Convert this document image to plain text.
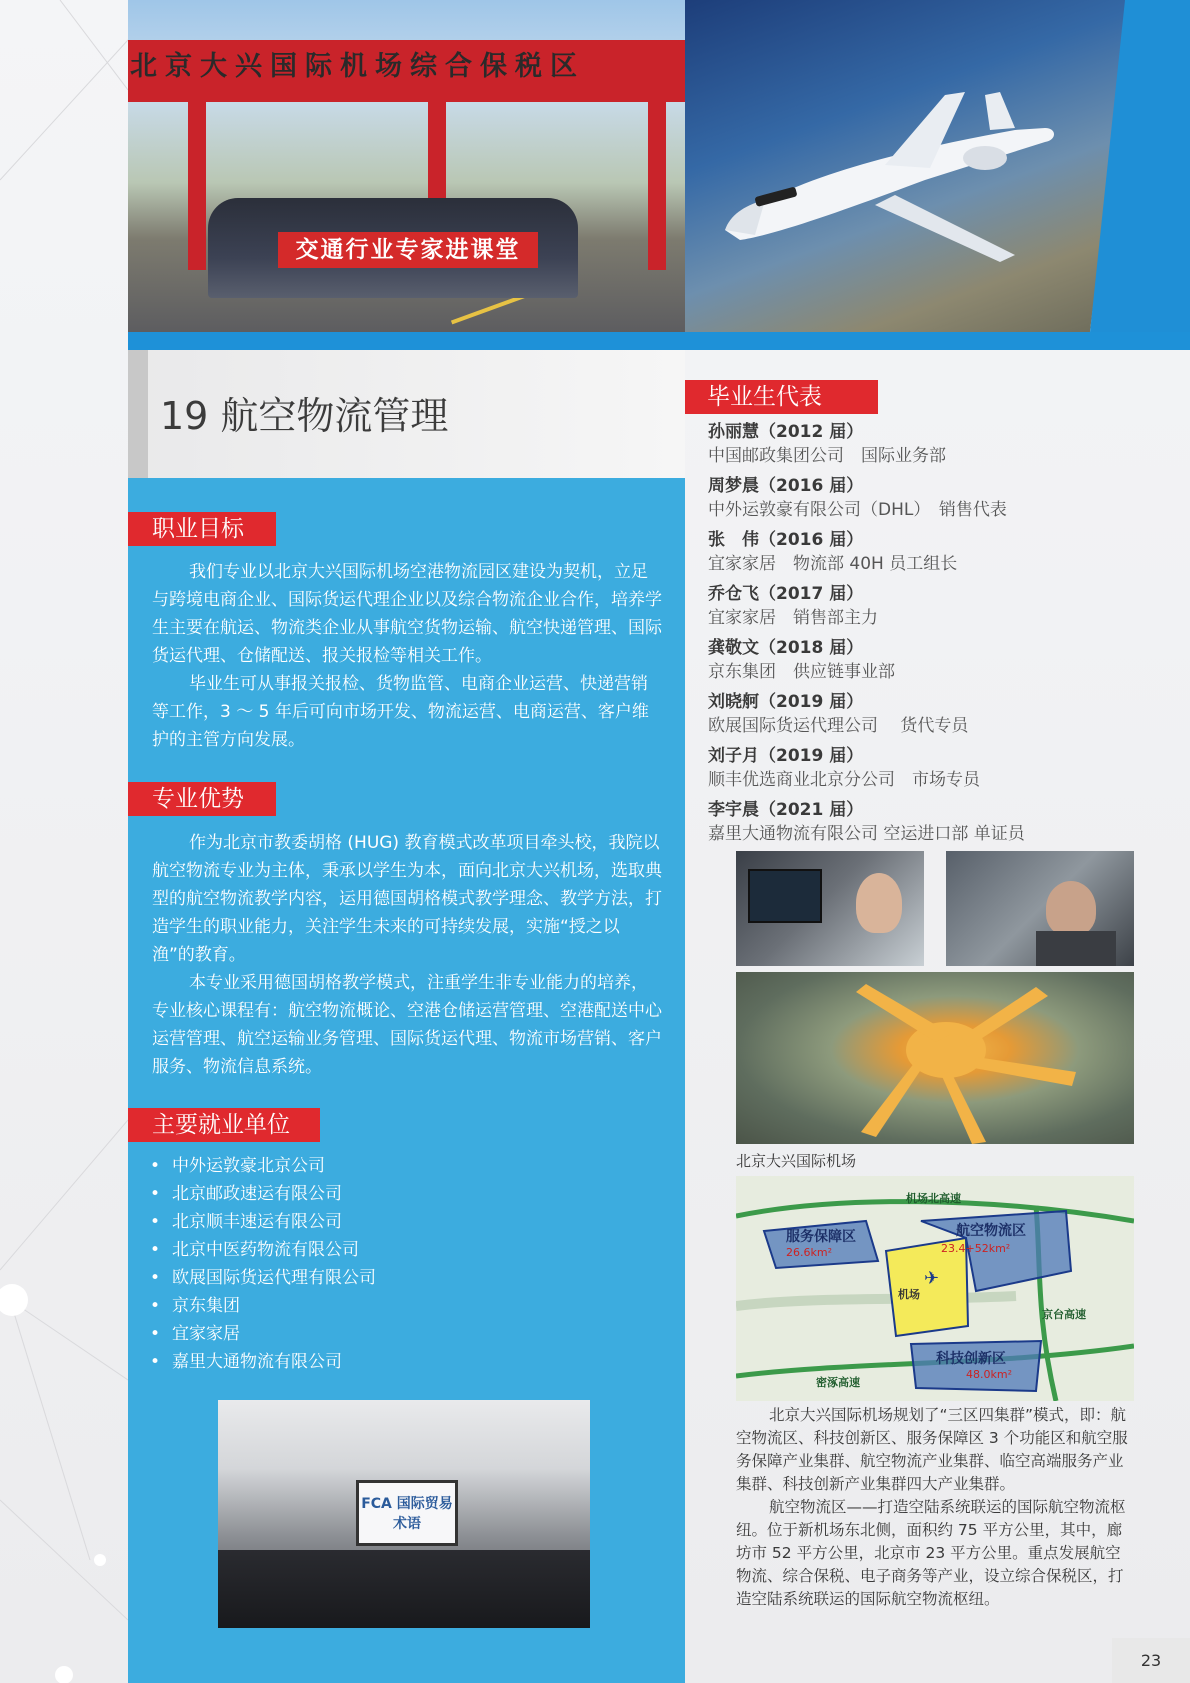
北京大兴国际机场综合保税区
交通行业专家进课堂
19 航空物流管理
职业目标

我们专业以北京大兴国际机场空港物流园区建设为契机，立足与跨境电商企业、国际货运代理企业以及综合物流企业合作，培养学生主要在航运、物流类企业从事航空货物运输、航空快递管理、国际货运代理、仓储配送、报关报检等相关工作。

毕业生可从事报关报检、货物监管、电商企业运营、快递营销等工作，3 ～ 5 年后可向市场开发、物流运营、电商运营、客户维护的主管方向发展。

专业优势

作为北京市教委胡格 (HUG) 教育模式改革项目牵头校，我院以航空物流专业为主体，秉承以学生为本，面向北京大兴机场，选取典型的航空物流教学内容，运用德国胡格模式教学理念、教学方法，打造学生的职业能力，关注学生未来的可持续发展，实施“授之以渔”的教育。

本专业采用德国胡格教学模式，注重学生非专业能力的培养，专业核心课程有：航空物流概论、空港仓储运营管理、空港配送中心运营管理、航空运输业务管理、国际货运代理、物流市场营销、客户服务、物流信息系统。

主要就业单位
• 中外运敦豪北京公司
• 北京邮政速运有限公司
• 北京顺丰速运有限公司
• 北京中医药物流有限公司
• 欧展国际货运代理有限公司
• 京东集团
• 宜家家居
• 嘉里大通物流有限公司
FCA 国际贸易术语
毕业生代表
孙丽慧（2012 届）
中国邮政集团公司　国际业务部
周梦晨（2016 届）
中外运敦豪有限公司（DHL）　销售代表
张　伟（2016 届）
宜家家居　物流部 40H 员工组长
乔仓飞（2017 届）
宜家家居　销售部主力
龚敬文（2018 届）
京东集团　供应链事业部
刘晓舸（2019 届）
欧展国际货运代理公司　 货代专员
刘子月（2019 届）
顺丰优选商业北京分公司　市场专员
李宇晨（2021 届）
嘉里大通物流有限公司 空运进口部 单证员
北京大兴国际机场
服务保障区
26.6km²
航空物流区
23.4+52km²
科技创新区
48.0km²
机场北高速
密涿高速
京台高速
机场
✈

北京大兴国际机场规划了“三区四集群”模式，即：航空物流区、科技创新区、服务保障区 3 个功能区和航空服务保障产业集群、航空物流产业集群、临空高端服务产业集群、科技创新产业集群四大产业集群。

航空物流区——打造空陆系统联运的国际航空物流枢纽。位于新机场东北侧，面积约 75 平方公里，其中，廊坊市 52 平方公里，北京市 23 平方公里。重点发展航空物流、综合保税、电子商务等产业，设立综合保税区，打造空陆系统联运的国际航空物流枢纽。

23
